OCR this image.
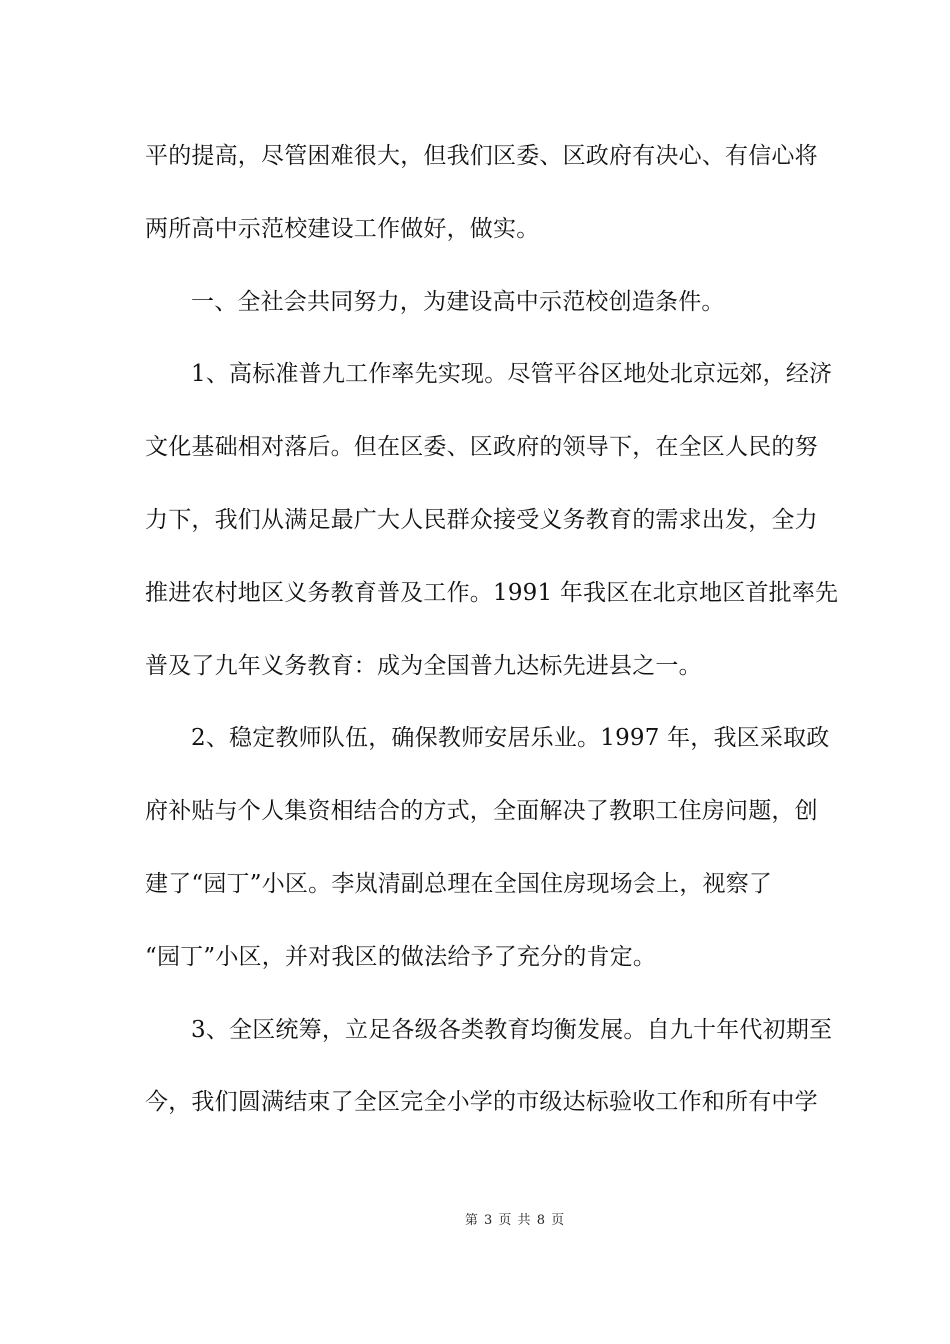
平的提高，尽管困难很大，但我们区委、区政府有决心、有信心将
两所高中示范校建设工作做好，做实。
一、全社会共同努力，为建设高中示范校创造条件。
1、高标准普九工作率先实现。尽管平谷区地处北京远郊，经济
文化基础相对落后。但在区委、区政府的领导下，在全区人民的努
力下，我们从满足最广大人民群众接受义务教育的需求出发，全力
推进农村地区义务教育普及工作。1991 年我区在北京地区首批率先
普及了九年义务教育：成为全国普九达标先进县之一。
2、稳定教师队伍，确保教师安居乐业。1997 年，我区采取政
府补贴与个人集资相结合的方式，全面解决了教职工住房问题，创
建了“园丁”小区。李岚清副总理在全国住房现场会上，视察了
“园丁”小区，并对我区的做法给予了充分的肯定。
3、全区统筹，立足各级各类教育均衡发展。自九十年代初期至
今，我们圆满结束了全区完全小学的市级达标验收工作和所有中学
第 3 页 共 8 页
